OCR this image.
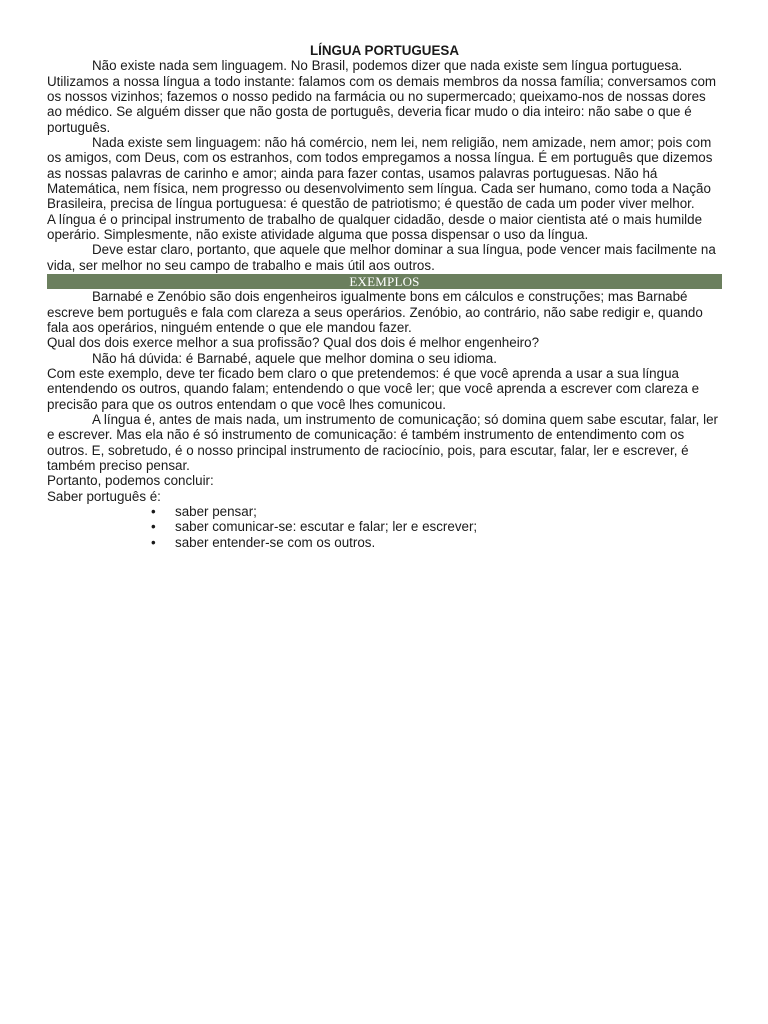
LÍNGUA PORTUGUESA

Não existe nada sem linguagem. No Brasil, podemos dizer que nada existe sem língua portuguesa. Utilizamos a nossa língua a todo instante: falamos com os demais membros da nossa família; conversamos com os nossos vizinhos; fazemos o nosso pedido na farmácia ou no supermercado; queixamo-nos de nossas dores ao médico. Se alguém disser que não gosta de português, deveria ficar mudo o dia inteiro: não sabe o que é português.

Nada existe sem linguagem: não há comércio, nem lei, nem religião, nem amizade, nem amor; pois com os amigos, com Deus, com os estranhos, com todos empregamos a nossa língua. É em português que dizemos as nossas palavras de carinho e amor; ainda para fazer contas, usamos palavras portuguesas. Não há Matemática, nem física, nem progresso ou desenvolvimento sem língua. Cada ser humano, como toda a Nação Brasileira, precisa de língua portuguesa: é questão de patriotismo; é questão de cada um poder viver melhor.

A língua é o principal instrumento de trabalho de qualquer cidadão, desde o maior cientista até o mais humilde operário. Simplesmente, não existe atividade alguma que possa dispensar o uso da língua.

Deve estar claro, portanto, que aquele que melhor dominar a sua língua, pode vencer mais facilmente na vida, ser melhor no seu campo de trabalho e mais útil aos outros.

EXEMPLOS

Barnabé e Zenóbio são dois engenheiros igualmente bons em cálculos e construções; mas Barnabé escreve bem português e fala com clareza a seus operários. Zenóbio, ao contrário, não sabe redigir e, quando fala aos operários, ninguém entende o que ele mandou fazer.

Qual dos dois exerce melhor a sua profissão? Qual dos dois é melhor engenheiro?

Não há dúvida: é Barnabé, aquele que melhor domina o seu idioma.

Com este exemplo, deve ter ficado bem claro o que pretendemos: é que você aprenda a usar a sua língua entendendo os outros, quando falam; entendendo o que você ler; que você aprenda a escrever com clareza e precisão para que os outros entendam o que você lhes comunicou.

A língua é, antes de mais nada, um instrumento de comunicação; só domina quem sabe escutar, falar, ler e escrever. Mas ela não é só instrumento de comunicação: é também instrumento de entendimento com os outros. E, sobretudo, é o nosso principal instrumento de raciocínio, pois, para escutar, falar, ler e escrever, é também preciso pensar.

Portanto, podemos concluir:

Saber português é:

• saber pensar;
• saber comunicar-se: escutar e falar; ler e escrever;
• saber entender-se com os outros.
